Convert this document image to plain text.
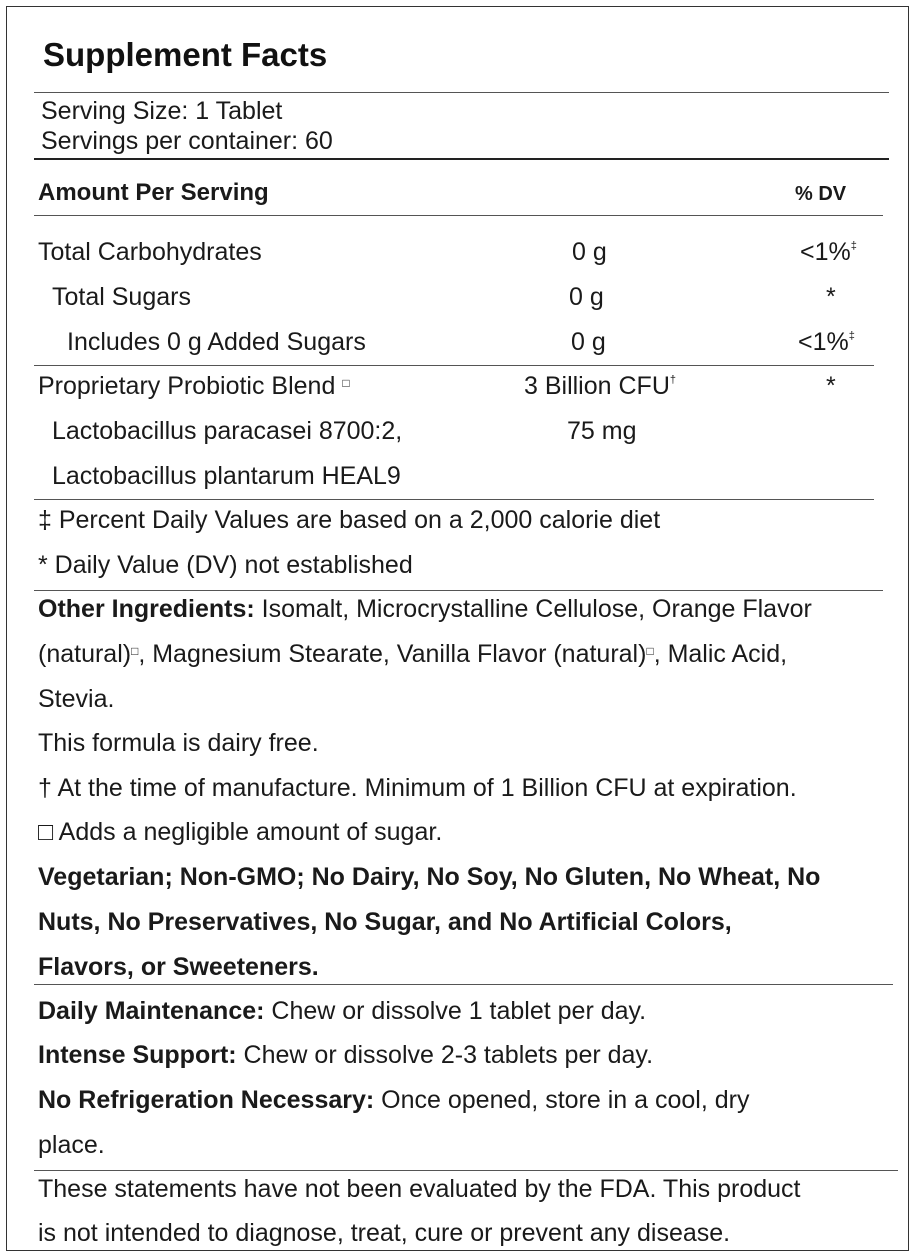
Supplement Facts
Serving Size: 1 Tablet
Servings per container: 60
Amount Per Serving	% DV
Total Carbohydrates	0 g	<1%‡
Total Sugars	0 g	*
Includes 0 g Added Sugars	0 g	<1%‡
Proprietary Probiotic Blend □	3 Billion CFU†	*
Lactobacillus paracasei 8700:2,	75 mg
Lactobacillus plantarum HEAL9
‡ Percent Daily Values are based on a 2,000 calorie diet
* Daily Value (DV) not established
Other Ingredients: Isomalt, Microcrystalline Cellulose, Orange Flavor
(natural)□, Magnesium Stearate, Vanilla Flavor (natural)□, Malic Acid,
Stevia.
This formula is dairy free.
† At the time of manufacture. Minimum of 1 Billion CFU at expiration.
□ Adds a negligible amount of sugar.
Vegetarian; Non-GMO; No Dairy, No Soy, No Gluten, No Wheat, No
Nuts, No Preservatives, No Sugar, and No Artificial Colors,
Flavors, or Sweeteners.
Daily Maintenance: Chew or dissolve 1 tablet per day.
Intense Support: Chew or dissolve 2-3 tablets per day.
No Refrigeration Necessary: Once opened, store in a cool, dry
place.
These statements have not been evaluated by the FDA. This product
is not intended to diagnose, treat, cure or prevent any disease.
